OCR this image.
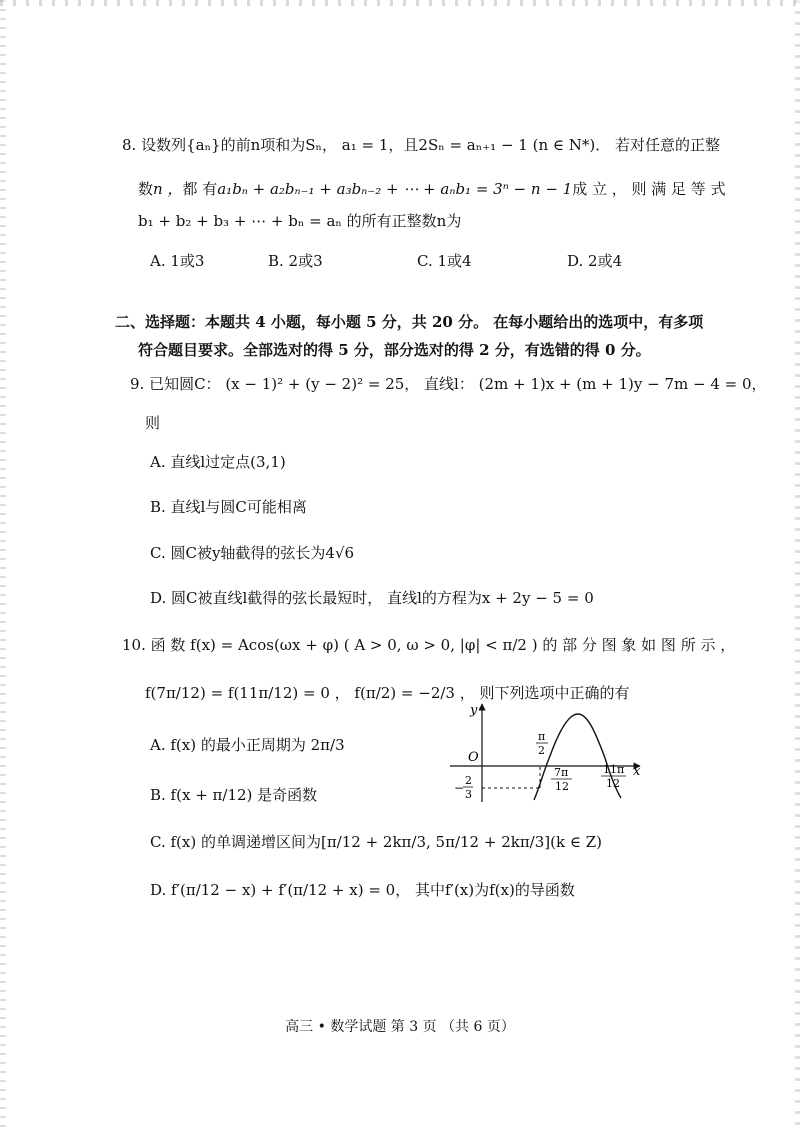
8. 设数列{aₙ}的前n项和为Sₙ， a₁ = 1，且2Sₙ = aₙ₊₁ − 1 (n ∈ N*)． 若对任意的正整
数 n ， 都 有 a₁bₙ + a₂bₙ₋₁ + a₃bₙ₋₂ + ⋯ + aₙb₁ = 3ⁿ − n − 1 成 立 ， 则 满 足 等 式
b₁ + b₂ + b₃ + ⋯ + bₙ = aₙ 的所有正整数n为
A. 1或3	B. 2或3	C. 1或4	D. 2或4
二、选择题：本题共 4 小题，每小题 5 分，共 20 分。 在每小题给出的选项中，有多项
符合题目要求。全部选对的得 5 分，部分选对的得 2 分，有选错的得 0 分。
9. 已知圆C： (x − 1)² + (y − 2)² = 25， 直线l： (2m + 1)x + (m + 1)y − 7m − 4 = 0，
则
A. 直线l过定点(3,1)
B. 直线l与圆C可能相离
C. 圆C被y轴截得的弦长为4√6
D. 圆C被直线l截得的弦长最短时， 直线l的方程为x + 2y − 5 = 0
10. 函 数 f(x) = Acos(ωx + φ) ( A > 0, ω > 0, |φ| < π/2 ) 的 部 分 图 象 如 图 所 示 ，
f(7π/12) = f(11π/12) = 0 ， f(π/2) = −2/3 ， 则下列选项中正确的有
A. f(x) 的最小正周期为 2π/3
B. f(x + π/12) 是奇函数
C. f(x) 的单调递增区间为[π/12 + 2kπ/3, 5π/12 + 2kπ/3](k ∈ Z)
D. f′(π/12 − x) + f′(π/12 + x) = 0， 其中f′(x)为f(x)的导函数
y
x
O
π
2
7π
12
11π
12
−
2
3
高三 • 数学试题 第 3 页 （共 6 页）
